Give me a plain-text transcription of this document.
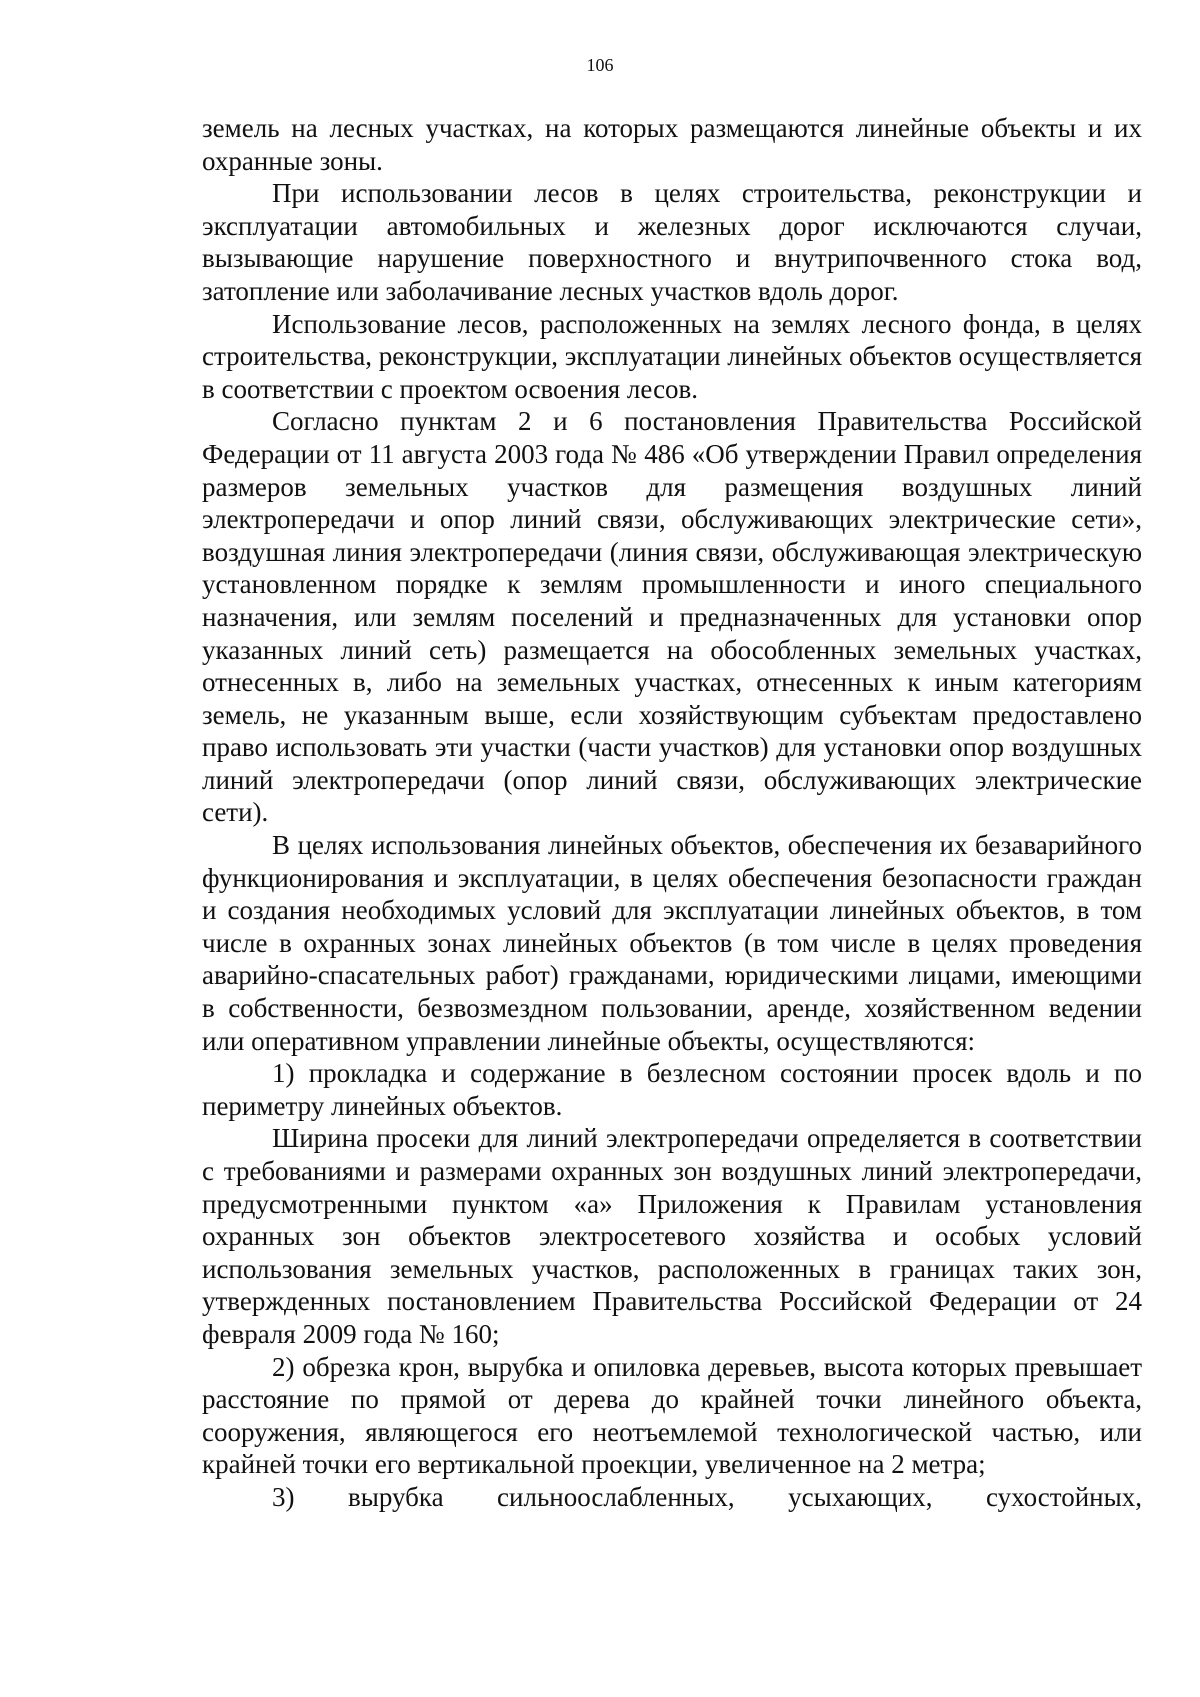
106

земель на лесных участках, на которых размещаются линейные объекты и их охранные зоны.

При использовании лесов в целях строительства, реконструкции и эксплуатации автомобильных и железных дорог исключаются случаи, вызывающие нарушение поверхностного и внутрипочвенного стока вод, затопление или заболачивание лесных участков вдоль дорог.

Использование лесов, расположенных на землях лесного фонда, в целях строительства, реконструкции, эксплуатации линейных объектов осуществляется в соответствии с проектом освоения лесов.

Согласно пунктам 2 и 6 постановления Правительства Российской Федерации от 11 августа 2003 года № 486 «Об утверждении Правил определения размеров земельных участков для размещения воздушных линий электропередачи и опор линий связи, обслуживающих электрические сети», воздушная линия электропередачи (линия связи, обслуживающая электрическую установленном порядке к землям промышленности и иного специального назначения, или землям поселений и предназначенных для установки опор указанных линий сеть) размещается на обособленных земельных участках, отнесенных в, либо на земельных участках, отнесенных к иным категориям земель, не указанным выше, если хозяйствующим субъектам предоставлено право использовать эти участки (части участков) для установки опор воздушных линий электропередачи (опор линий связи, обслуживающих электрические сети).

В целях использования линейных объектов, обеспечения их безаварийного функционирования и эксплуатации, в целях обеспечения безопасности граждан и создания необходимых условий для эксплуатации линейных объектов, в том числе в охранных зонах линейных объектов (в том числе в целях проведения аварийно-спасательных работ) гражданами, юридическими лицами, имеющими в собственности, безвозмездном пользовании, аренде, хозяйственном ведении или оперативном управлении линейные объекты, осуществляются:

1) прокладка и содержание в безлесном состоянии просек вдоль и по периметру линейных объектов.

Ширина просеки для линий электропередачи определяется в соответствии с требованиями и размерами охранных зон воздушных линий электропередачи, предусмотренными пунктом «а» Приложения к Правилам установления охранных зон объектов электросетевого хозяйства и особых условий использования земельных участков, расположенных в границах таких зон, утвержденных постановлением Правительства Российской Федерации от 24 февраля 2009 года № 160;

2) обрезка крон, вырубка и опиловка деревьев, высота которых превышает расстояние по прямой от дерева до крайней точки линейного объекта, сооружения, являющегося его неотъемлемой технологической частью, или крайней точки его вертикальной проекции, увеличенное на 2 метра;

3) вырубка сильноослабленных, усыхающих, сухостойных,
